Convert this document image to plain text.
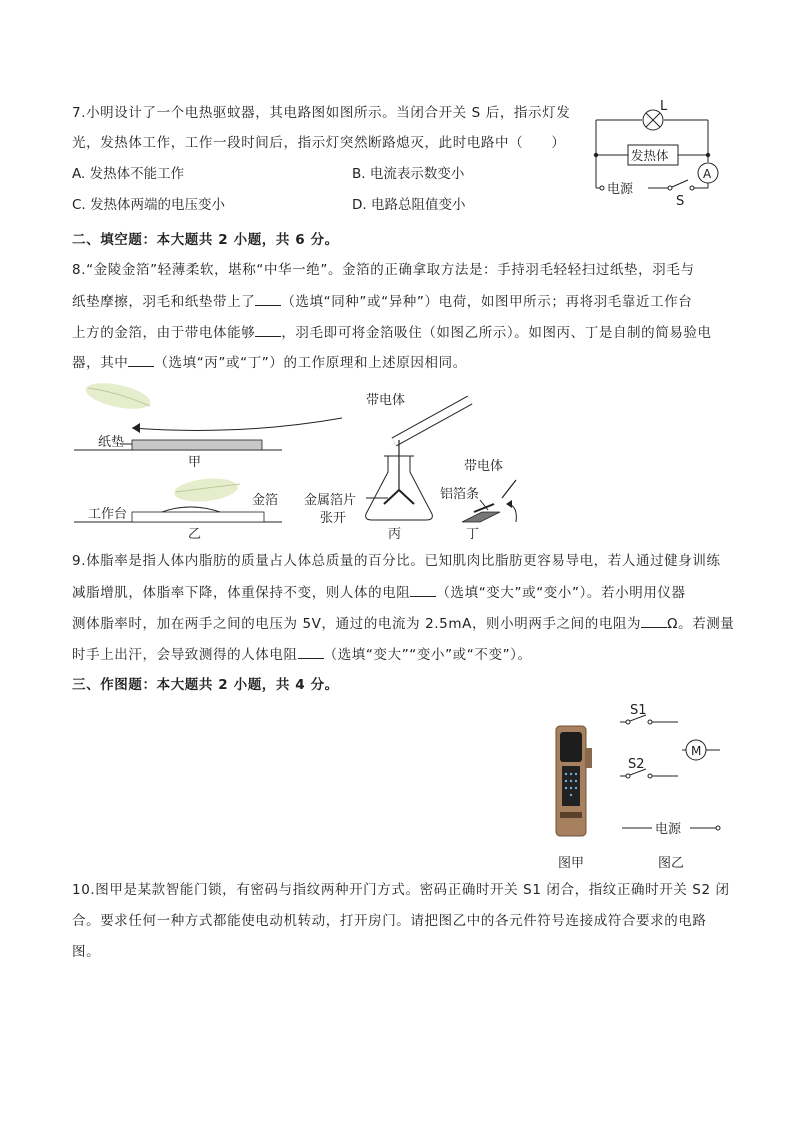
7.小明设计了一个电热驱蚊器，其电路图如图所示。当闭合开关 S 后，指示灯发
光，发热体工作，工作一段时间后，指示灯突然断路熄灭，此时电路中（　　）
A. 发热体不能工作	B. 电流表示数变小
C. 发热体两端的电压变小	D. 电路总阻值变小
L
发热体
A
电源
S
二、填空题：本大题共 2 小题，共 6 分。
8.“金陵金箔”轻薄柔软，堪称“中华一绝”。金箔的正确拿取方法是：手持羽毛轻轻扫过纸垫，羽毛与
纸垫摩擦，羽毛和纸垫带上了 （选填“同种”或“异种”）电荷，如图甲所示；再将羽毛靠近工作台
上方的金箔，由于带电体能够 ，羽毛即可将金箔吸住（如图乙所示）。如图丙、丁是自制的简易验电
器，其中 （选填“丙”或“丁”）的工作原理和上述原因相同。
纸垫
甲
工作台
金箔
乙
带电体
金属箔片
张开
丙
带电体
铝箔条
丁
9.体脂率是指人体内脂肪的质量占人体总质量的百分比。已知肌肉比脂肪更容易导电，若人通过健身训练
减脂增肌，体脂率下降，体重保持不变，则人体的电阻 （选填“变大”或“变小”）。若小明用仪器
测体脂率时，加在两手之间的电压为 5V，通过的电流为 2.5mA，则小明两手之间的电阻为 Ω。若测量
时手上出汗，会导致测得的人体电阻 （选填“变大”“变小”或“不变”）。
三、作图题：本大题共 2 小题，共 4 分。
图甲
S1
S2
M
电源
图乙
10.图甲是某款智能门锁，有密码与指纹两种开门方式。密码正确时开关 S1 闭合，指纹正确时开关 S2 闭
合。要求任何一种方式都能使电动机转动，打开房门。请把图乙中的各元件符号连接成符合要求的电路
图。
